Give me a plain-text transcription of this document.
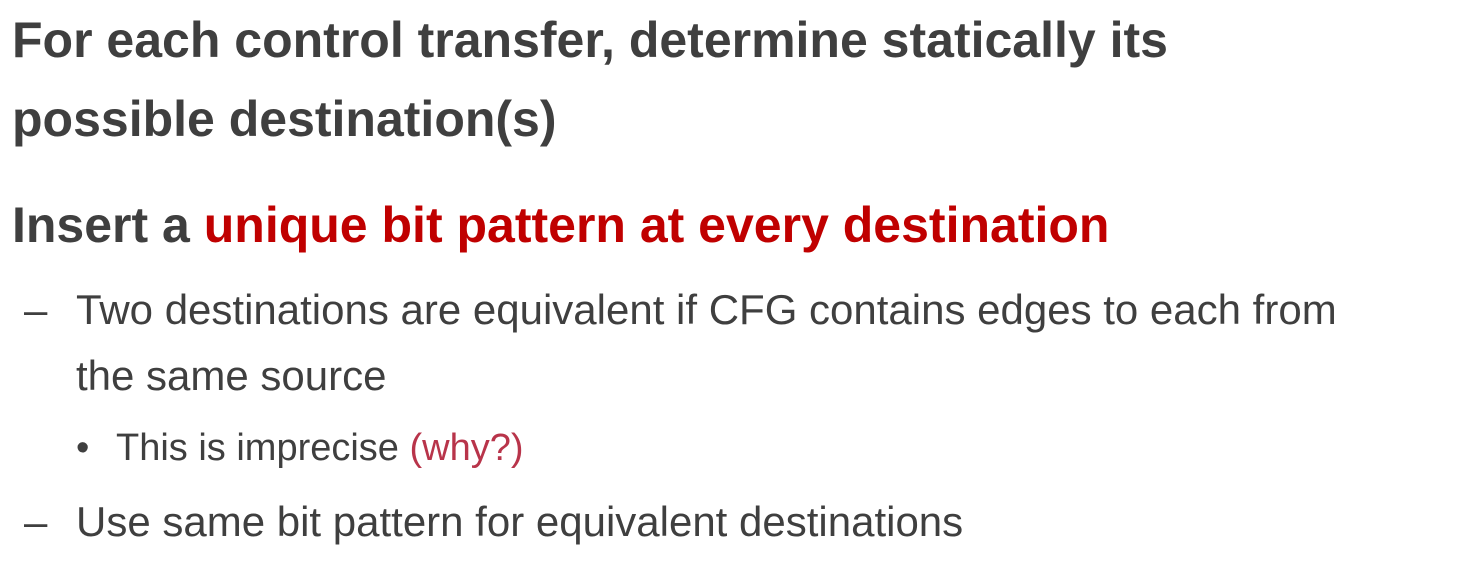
For each control transfer, determine statically its
possible destination(s)
Insert a unique bit pattern at every destination
– Two destinations are equivalent if CFG contains edges to each from
the same source
• This is imprecise (why?)
– Use same bit pattern for equivalent destinations
